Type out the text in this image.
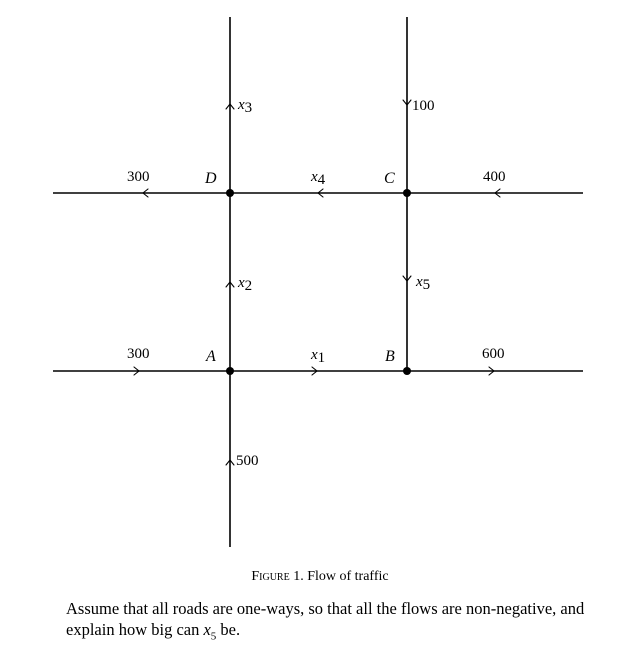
D	C
A	B
x3
x4
x2	x5
x1
300	400
300	600
100
500
Figure 1. Flow of traffic
Assume that all roads are one-ways, so that all the flows are non-negative, and explain how big can $x_5$ be.
